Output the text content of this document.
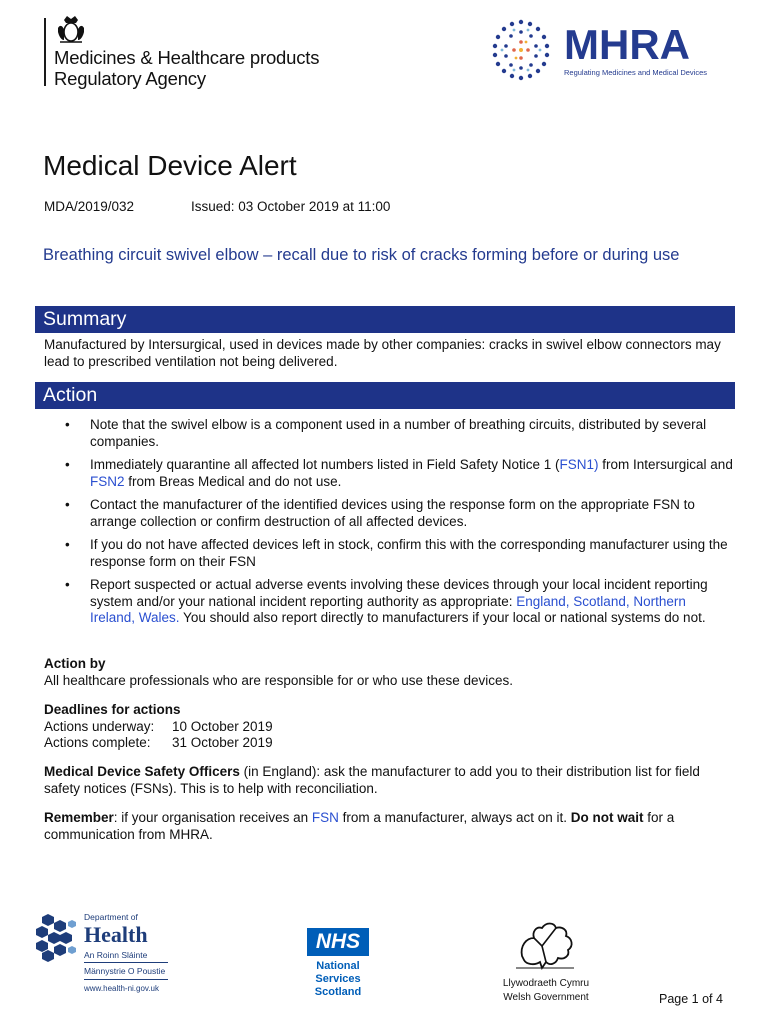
Medicines & Healthcare products
Regulatory Agency
MHRA
Regulating Medicines and Medical Devices
Medical Device Alert
MDA/2019/032	Issued: 03 October 2019 at 11:00
Breathing circuit swivel elbow – recall due to risk of cracks forming before or during use
Summary
Manufactured by Intersurgical, used in devices made by other companies: cracks in swivel elbow connectors may lead to prescribed ventilation not being delivered.
Action
• Note that the swivel elbow is a component used in a number of breathing circuits, distributed by several companies.
• Immediately quarantine all affected lot numbers listed in Field Safety Notice 1 (FSN1) from Intersurgical and FSN2 from Breas Medical and do not use.
• Contact the manufacturer of the identified devices using the response form on the appropriate FSN to arrange collection or confirm destruction of all affected devices.
• If you do not have affected devices left in stock, confirm this with the corresponding manufacturer using the response form on their FSN
• Report suspected or actual adverse events involving these devices through your local incident reporting system and/or your national incident reporting authority as appropriate: England, Scotland, Northern Ireland, Wales. You should also report directly to manufacturers if your local or national systems do not.
Action by
All healthcare professionals who are responsible for or who use these devices.
Deadlines for actions
Actions underway: 10 October 2019
Actions complete: 31 October 2019
Medical Device Safety Officers (in England): ask the manufacturer to add you to their distribution list for field safety notices (FSNs). This is to help with reconciliation.
Remember: if your organisation receives an FSN from a manufacturer, always act on it. Do not wait for a communication from MHRA.
Department of
Health
An Roinn Sláinte
Männystrie O Poustie
www.health-ni.gov.uk
NHS
National
Services
Scotland
Llywodraeth Cymru
Welsh Government	Page 1 of 4
